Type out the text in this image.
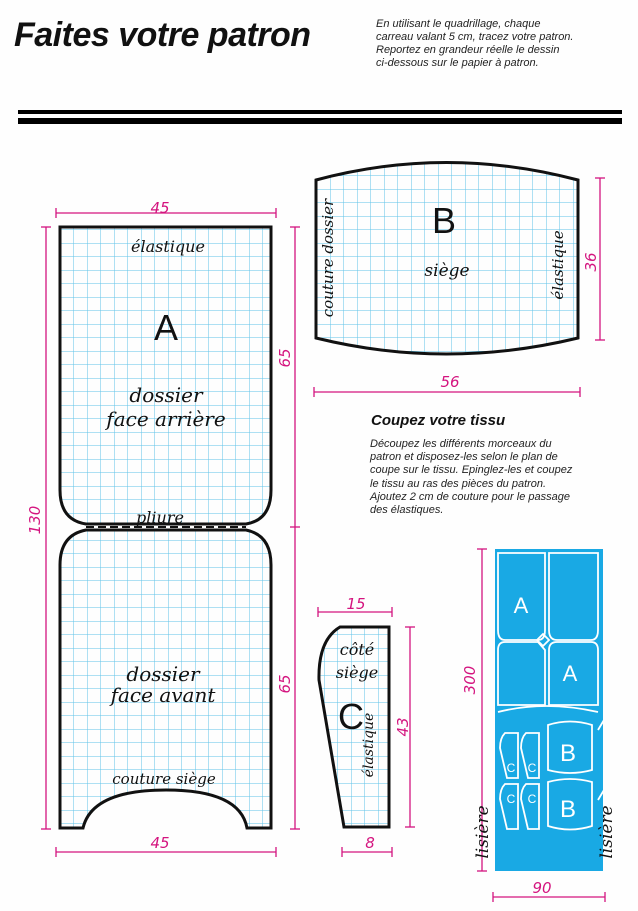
Faites votre patron	En utilisant le quadrillage, chaque
carreau valant 5 cm, tracez votre patron.
Reportez en grandeur réelle le dessin
ci-dessous sur le papier à patron.
Coupez votre tissu
Découpez les différents morceaux du
patron et disposez-les selon le plan de
coupe sur le tissu. Epinglez-les et coupez
le tissu au ras des pièces du patron.
Ajoutez 2 cm de couture pour le passage
des élastiques.
élastique
A
dossier
face arrière
pliure
dossier
face avant
couture siège
45
45
130
65
65
B
siège
couture dossier	élastique
56
36
côté
siège
C
élastique
15
8
43
A
A
B
B
C C
C C
300
90
lisière	lisière
